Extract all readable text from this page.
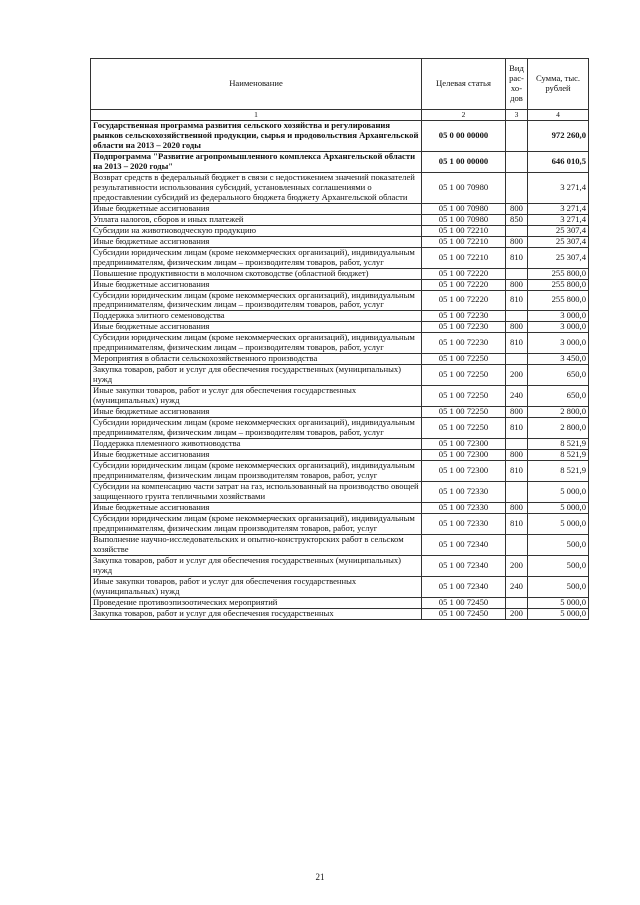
Наименование	Целевая статья	Вид рас-хо-дов	Сумма, тыс. рублей
1	2	3	4
Государственная программа развития сельского хозяйства и регулирования рынков сельскохозяйственной продукции, сырья и продовольствия Архангельской области на 2013 – 2020 годы	05 0 00 00000		972 260,0
Подпрограмма "Развитие агропромышленного комплекса Архангельской области на 2013 – 2020 годы"	05 1 00 00000		646 010,5
Возврат средств в федеральный бюджет в связи с недостижением значений показателей результативности использования субсидий, установленных соглашениями о предоставлении субсидий из федерального бюджета бюджету Архангельской области	05 1 00 70980		3 271,4
Иные бюджетные ассигнования	05 1 00 70980	800	3 271,4
Уплата налогов, сборов и иных платежей	05 1 00 70980	850	3 271,4
Субсидии на животноводческую продукцию	05 1 00 72210		25 307,4
Иные бюджетные ассигнования	05 1 00 72210	800	25 307,4
Субсидии юридическим лицам (кроме некоммерческих организаций), индивидуальным предпринимателям, физическим лицам – производителям товаров, работ, услуг	05 1 00 72210	810	25 307,4
Повышение продуктивности в молочном скотоводстве (областной бюджет)	05 1 00 72220		255 800,0
Иные бюджетные ассигнования	05 1 00 72220	800	255 800,0
Субсидии юридическим лицам (кроме некоммерческих организаций), индивидуальным предпринимателям, физическим лицам – производителям товаров, работ, услуг	05 1 00 72220	810	255 800,0
Поддержка элитного семеноводства	05 1 00 72230		3 000,0
Иные бюджетные ассигнования	05 1 00 72230	800	3 000,0
Субсидии юридическим лицам (кроме некоммерческих организаций), индивидуальным предпринимателям, физическим лицам – производителям товаров, работ, услуг	05 1 00 72230	810	3 000,0
Мероприятия в области сельскохозяйственного производства	05 1 00 72250		3 450,0
Закупка товаров, работ и услуг для обеспечения государственных (муниципальных) нужд	05 1 00 72250	200	650,0
Иные закупки товаров, работ и услуг для обеспечения государственных (муниципальных) нужд	05 1 00 72250	240	650,0
Иные бюджетные ассигнования	05 1 00 72250	800	2 800,0
Субсидии юридическим лицам (кроме некоммерческих организаций), индивидуальным предпринимателям, физическим лицам – производителям товаров, работ, услуг	05 1 00 72250	810	2 800,0
Поддержка племенного животноводства	05 1 00 72300		8 521,9
Иные бюджетные ассигнования	05 1 00 72300	800	8 521,9
Субсидии юридическим лицам (кроме некоммерческих организаций), индивидуальным предпринимателям, физическим лицам производителям товаров, работ, услуг	05 1 00 72300	810	8 521,9
Субсидии на компенсацию части затрат на газ, использованный на производство овощей защищенного грунта тепличными хозяйствами	05 1 00 72330		5 000,0
Иные бюджетные ассигнования	05 1 00 72330	800	5 000,0
Субсидии юридическим лицам (кроме некоммерческих организаций), индивидуальным предпринимателям, физическим лицам производителям товаров, работ, услуг	05 1 00 72330	810	5 000,0
Выполнение научно-исследовательских и опытно-конструкторских работ в сельском хозяйстве	05 1 00 72340		500,0
Закупка товаров, работ и услуг для обеспечения государственных (муниципальных) нужд	05 1 00 72340	200	500,0
Иные закупки товаров, работ и услуг для обеспечения государственных (муниципальных) нужд	05 1 00 72340	240	500,0
Проведение противоэпизоотических мероприятий	05 1 00 72450		5 000,0
Закупка товаров, работ и услуг для обеспечения государственных	05 1 00 72450	200	5 000,0
21
